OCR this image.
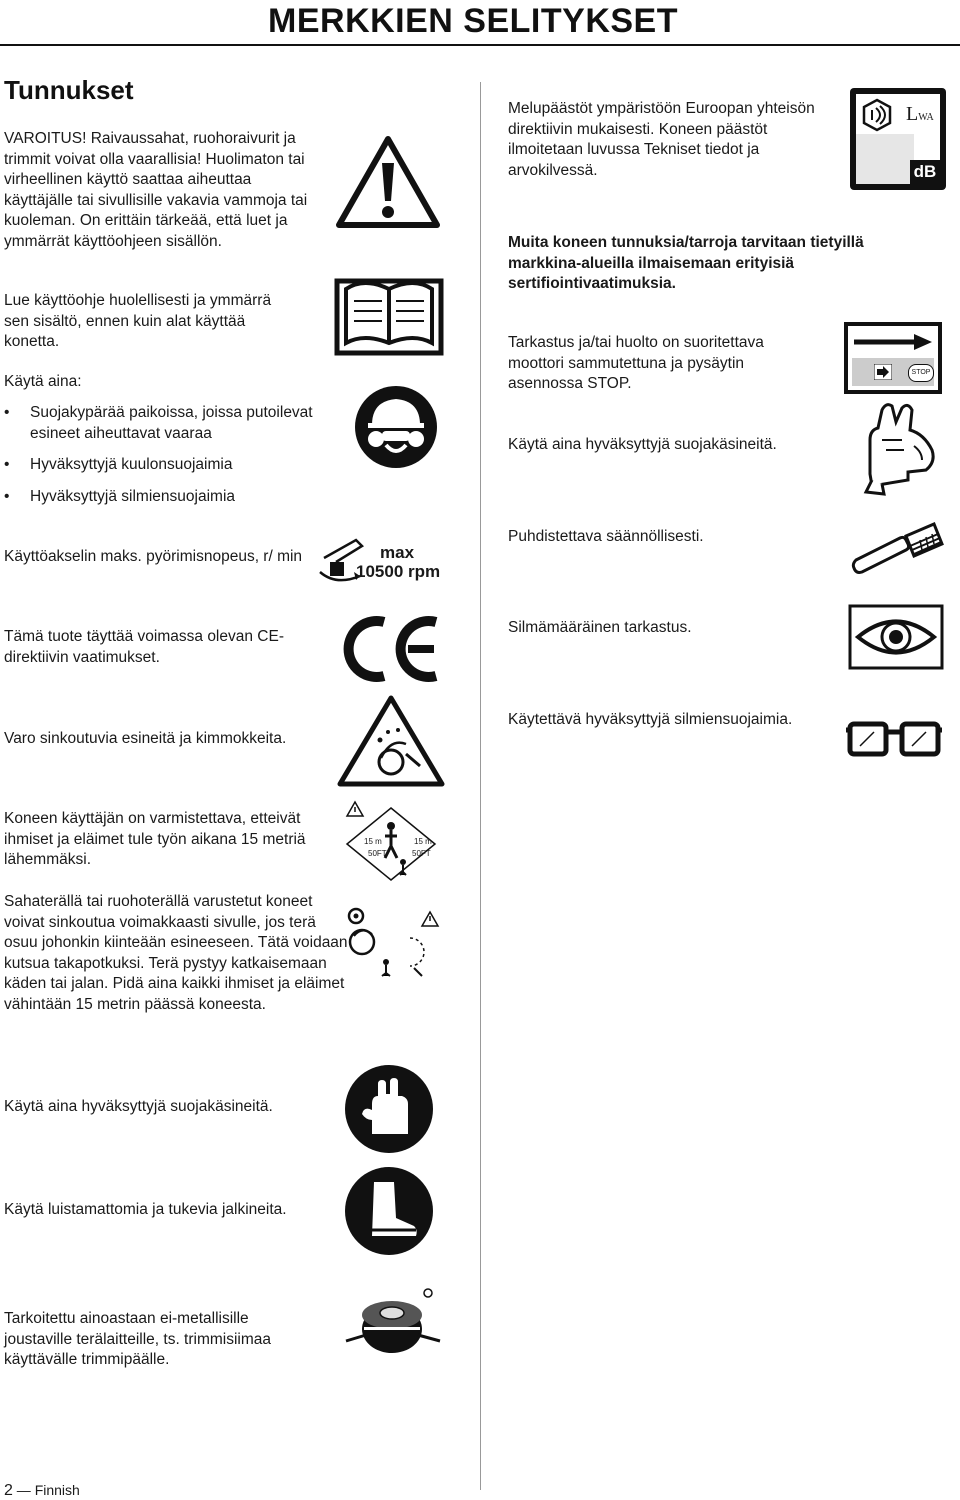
MERKKIEN SELITYKSET
Tunnukset
VAROITUS! Raivaussahat, ruohoraivurit ja trimmit voivat olla vaarallisia! Huolimaton tai virheellinen käyttö saattaa aiheuttaa käyttäjälle tai sivullisille vakavia vammoja tai kuoleman. On erittäin tärkeää, että luet ja ymmärrät käyttöohjeen sisällön.
Lue käyttöohje huolellisesti ja ymmärrä sen sisältö, ennen kuin alat käyttää konetta.
Käytä aina:
• Suojakypärää paikoissa, joissa putoilevat esineet aiheuttavat vaaraa
• Hyväksyttyjä kuulonsuojaimia
• Hyväksyttyjä silmiensuojaimia
Käyttöakselin maks. pyörimisnopeus, r/ min	max
10500 rpm
Tämä tuote täyttää voimassa olevan CE-direktiivin vaatimukset.
Varo sinkoutuvia esineitä ja kimmokkeita.
Koneen käyttäjän on varmistettava, etteivät ihmiset ja eläimet tule työn aikana 15 metriä lähemmäksi.
15 m
50FT
15 m
50FT
Sahaterällä tai ruohoterällä varustetut koneet voivat sinkoutua voimakkaasti sivulle, jos terä osuu johonkin kiinteään esineeseen. Tätä voidaan kutsua takapotkuksi. Terä pystyy katkaisemaan käden tai jalan. Pidä aina kaikki ihmiset ja eläimet vähintään 15 metrin päässä koneesta.
Käytä aina hyväksyttyjä suojakäsineitä.
Käytä luistamattomia ja tukevia jalkineita.
Tarkoitettu ainoastaan ei-metallisille joustaville terälaitteille, ts. trimmisiimaa käyttävälle trimmipäälle.
Melupäästöt ympäristöön Euroopan yhteisön direktiivin mukaisesti. Koneen päästöt ilmoitetaan luvussa Tekniset tiedot ja arvokilvessä.
LWA
dB
Muita koneen tunnuksia/tarroja tarvitaan tietyillä markkina-alueilla ilmaisemaan erityisiä sertifiointivaatimuksia.
Tarkastus ja/tai huolto on suoritettava moottori sammutettuna ja pysäytin asennossa STOP.
STOP
Käytä aina hyväksyttyjä suojakäsineitä.
Puhdistettava säännöllisesti.
Silmämääräinen tarkastus.
Käytettävä hyväksyttyjä silmiensuojaimia.
2 — Finnish
